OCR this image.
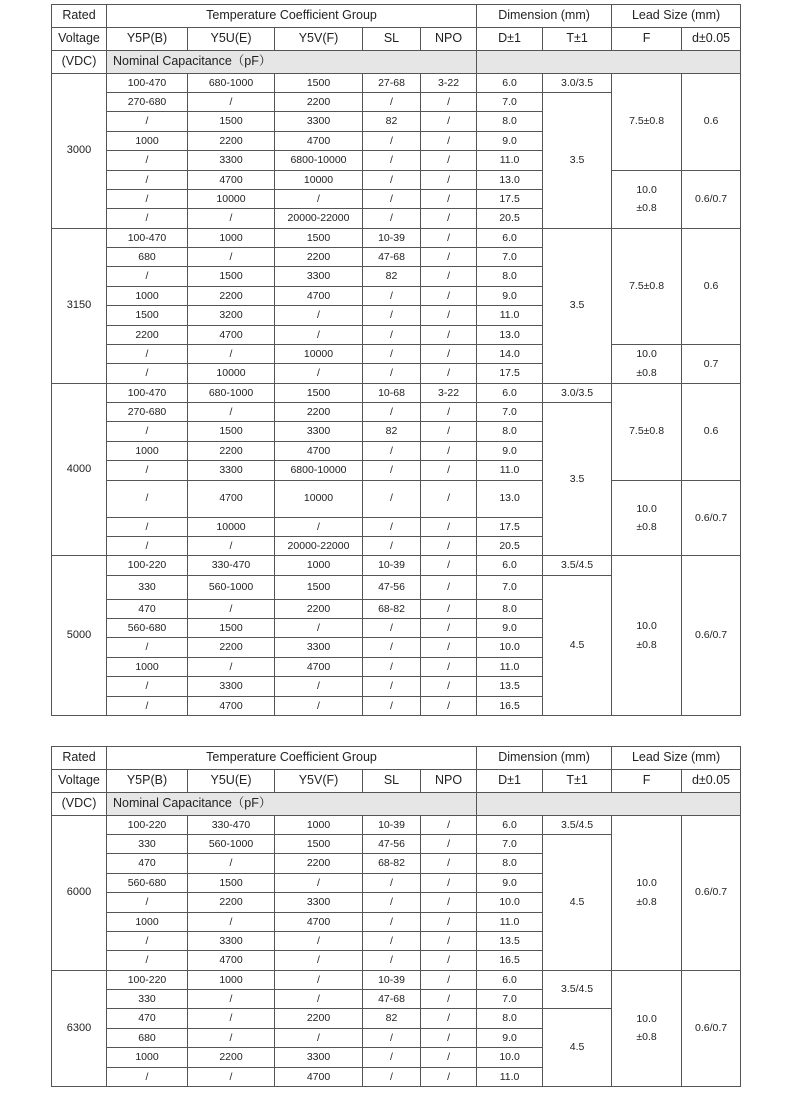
Rated	Temperature Coefficient Group					Dimension (mm)		Lead Size (mm)	
Voltage	Y5P(B)	Y5U(E)	Y5V(F)	SL	NPO	D±1	T±1	F	d±0.05
(VDC)	Nominal Capacitance（pF）								
3000	100-470	680-1000	1500	27-68	3-22	6.0	3.0/3.5	7.5±0.8	0.6
	270-680	/	2200	/	/	7.0	3.5		
	/	1500	3300	82	/	8.0			
	1000	2200	4700	/	/	9.0			
	/	3300	6800-10000	/	/	11.0			
	/	4700	10000	/	/	13.0		10.0 ±0.8	0.6/0.7
	/	10000	/	/	/	17.5			
	/	/	20000-22000	/	/	20.5			
3150	100-470	1000	1500	10-39	/	6.0	3.5	7.5±0.8	0.6
	680	/	2200	47-68	/	7.0			
	/	1500	3300	82	/	8.0			
	1000	2200	4700	/	/	9.0			
	1500	3200	/	/	/	11.0			
	2200	4700	/	/	/	13.0			
	/	/	10000	/	/	14.0		10.0 ±0.8	0.7
	/	10000	/	/	/	17.5			
4000	100-470	680-1000	1500	10-68	3-22	6.0	3.0/3.5	7.5±0.8	0.6
	270-680	/	2200	/	/	7.0	3.5		
	/	1500	3300	82	/	8.0			
	1000	2200	4700	/	/	9.0			
	/	3300	6800-10000	/	/	11.0			
	/	4700	10000	/	/	13.0		10.0 ±0.8	0.6/0.7
	/	10000	/	/	/	17.5			
	/	/	20000-22000	/	/	20.5			
5000	100-220	330-470	1000	10-39	/	6.0	3.5/4.5	10.0 ±0.8	0.6/0.7
	330	560-1000	1500	47-56	/	7.0	4.5		
	470	/	2200	68-82	/	8.0			
	560-680	1500	/	/	/	9.0			
	/	2200	3300	/	/	10.0			
	1000	/	4700	/	/	11.0			
	/	3300	/	/	/	13.5			
	/	4700	/	/	/	16.5			
Rated	Temperature Coefficient Group					Dimension (mm)		Lead Size (mm)	
Voltage	Y5P(B)	Y5U(E)	Y5V(F)	SL	NPO	D±1	T±1	F	d±0.05
(VDC)	Nominal Capacitance（pF）								
6000	100-220	330-470	1000	10-39	/	6.0	3.5/4.5	10.0 ±0.8	0.6/0.7
	330	560-1000	1500	47-56	/	7.0	4.5		
	470	/	2200	68-82	/	8.0			
	560-680	1500	/	/	/	9.0			
	/	2200	3300	/	/	10.0			
	1000	/	4700	/	/	11.0			
	/	3300	/	/	/	13.5			
	/	4700	/	/	/	16.5			
6300	100-220	1000	/	10-39	/	6.0	3.5/4.5	10.0 ±0.8	0.6/0.7
	330	/	/	47-68	/	7.0			
	470	/	2200	82	/	8.0	4.5		
	680	/	/	/	/	9.0			
	1000	2200	3300	/	/	10.0			
	/	/	4700	/	/	11.0			
